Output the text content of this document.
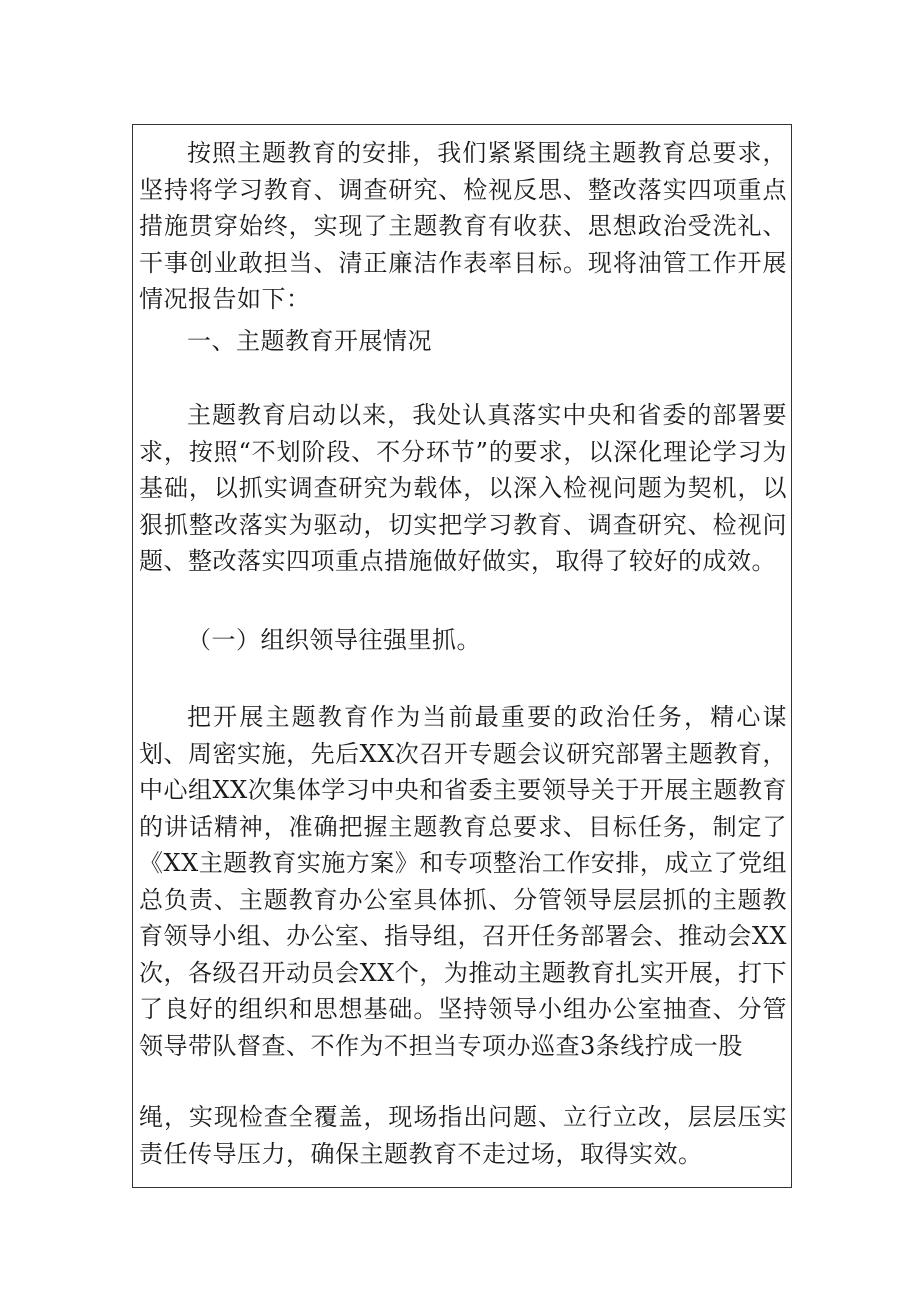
按照主题教育的安排，我们紧紧围绕主题教育总要求，坚持将学习教育、调查研究、检视反思、整改落实四项重点措施贯穿始终，实现了主题教育有收获、思想政治受洗礼、干事创业敢担当、清正廉洁作表率目标。现将油管工作开展情况报告如下：

一、主题教育开展情况

主题教育启动以来，我处认真落实中央和省委的部署要求，按照“不划阶段、不分环节”的要求，以深化理论学习为基础，以抓实调查研究为载体，以深入检视问题为契机，以狠抓整改落实为驱动，切实把学习教育、调查研究、检视问题、整改落实四项重点措施做好做实，取得了较好的成效。

（一）组织领导往强里抓。

把开展主题教育作为当前最重要的政治任务，精心谋划、周密实施，先后XX次召开专题会议研究部署主题教育，中心组XX次集体学习中央和省委主要领导关于开展主题教育的讲话精神，准确把握主题教育总要求、目标任务，制定了《XX主题教育实施方案》和专项整治工作安排，成立了党组总负责、主题教育办公室具体抓、分管领导层层抓的主题教育领导小组、办公室、指导组，召开任务部署会、推动会XX次，各级召开动员会XX个，为推动主题教育扎实开展，打下了良好的组织和思想基础。坚持领导小组办公室抽查、分管领导带队督查、不作为不担当专项办巡查3条线拧成一股

绳，实现检查全覆盖，现场指出问题、立行立改，层层压实责任传导压力，确保主题教育不走过场，取得实效。
